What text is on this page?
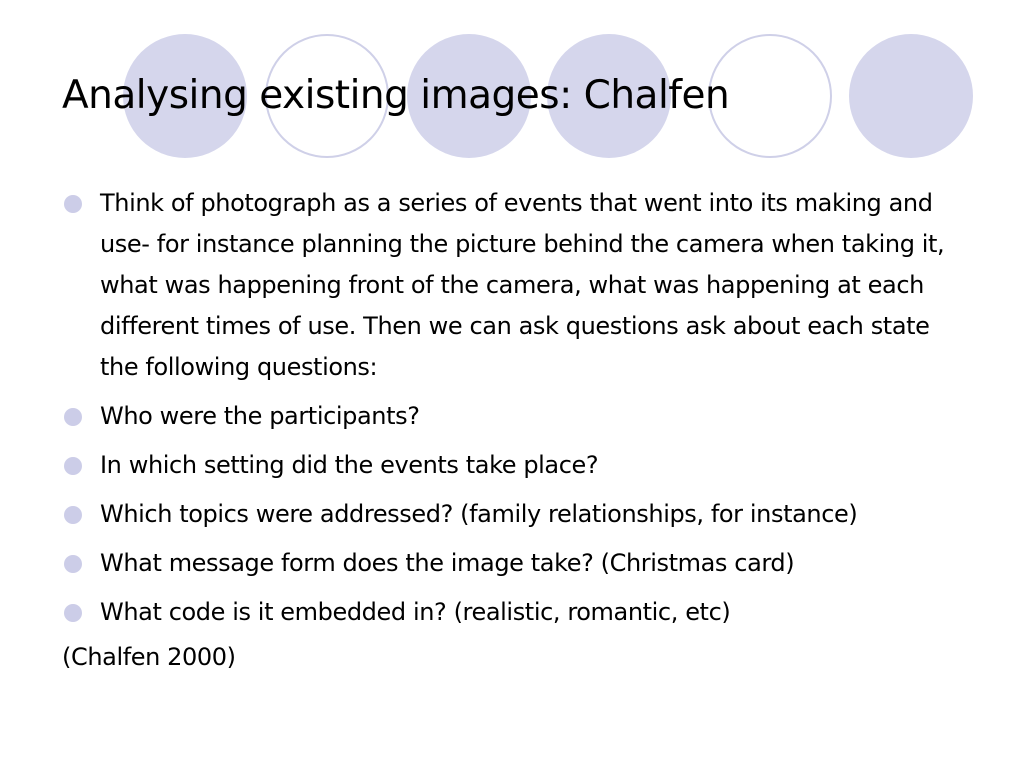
Analysing existing images: Chalfen
Think of photograph as a series of events that went into its making and use- for instance planning the picture behind the camera when taking it, what was happening front of the camera, what was happening at each different times of use. Then we can ask questions ask about each state the following questions:
Who were the participants?
In which setting did the events take place?
Which topics were addressed? (family relationships, for instance)
What message form does the image take? (Christmas card)
What code is it embedded in? (realistic, romantic, etc)
(Chalfen 2000)
